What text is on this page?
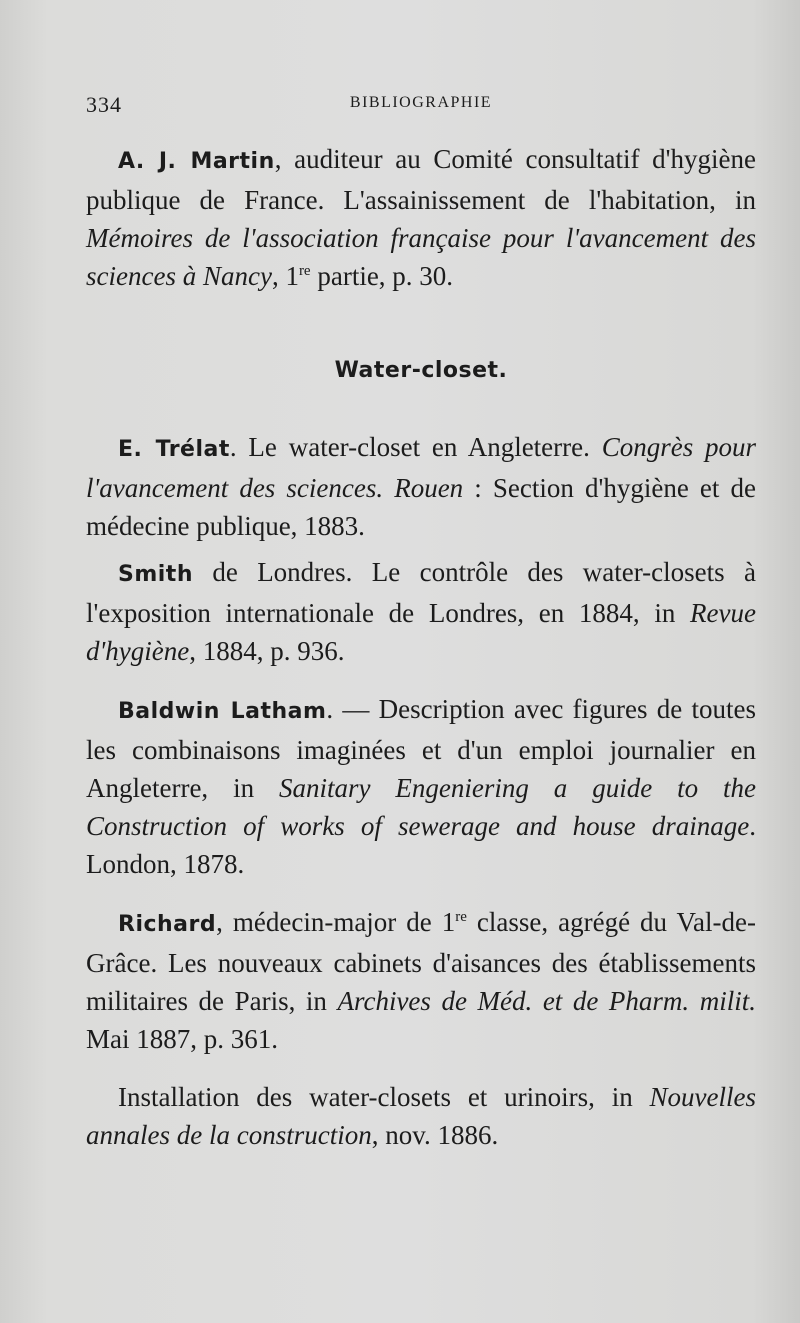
334	BIBLIOGRAPHIE

A. J. Martin, auditeur au Comité consultatif d'hygiène publique de France. L'assainissement de l'habitation, in Mémoires de l'association française pour l'avancement des sciences à Nancy, 1re partie, p. 30.

Water-closet.

E. Trélat. Le water-closet en Angleterre. Congrès pour l'avancement des sciences. Rouen : Section d'hygiène et de médecine publique, 1883.

Smith de Londres. Le contrôle des water-closets à l'exposition internationale de Londres, en 1884, in Revue d'hygiène, 1884, p. 936.

Baldwin Latham. — Description avec figures de toutes les combinaisons imaginées et d'un emploi journalier en Angleterre, in Sanitary Engeniering a guide to the Construction of works of sewerage and house drainage. London, 1878.

Richard, médecin-major de 1re classe, agrégé du Val-de-Grâce. Les nouveaux cabinets d'aisances des établissements militaires de Paris, in Archives de Méd. et de Pharm. milit. Mai 1887, p. 361.

Installation des water-closets et urinoirs, in Nouvelles annales de la construction, nov. 1886.
